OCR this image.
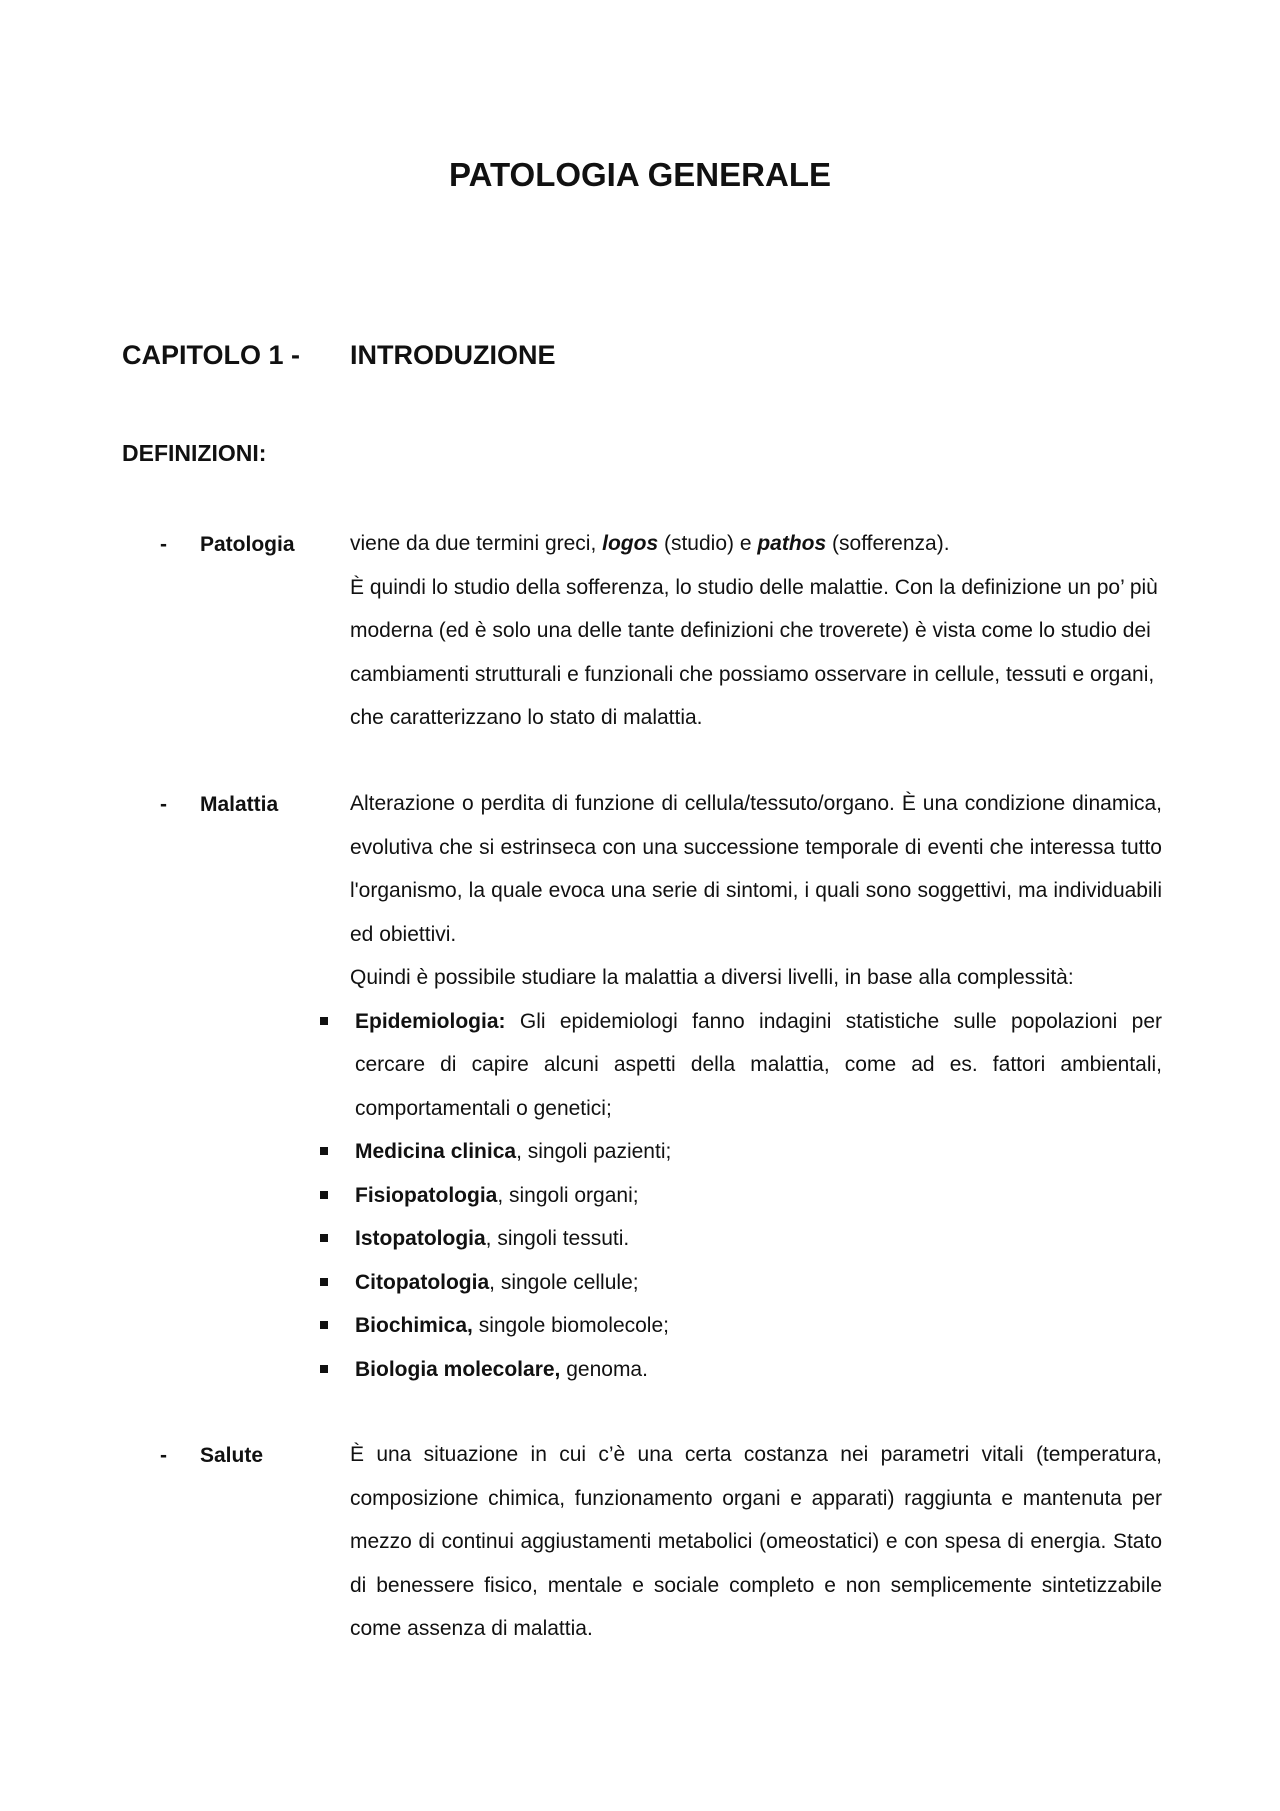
PATOLOGIA GENERALE
CAPITOLO 1 - INTRODUZIONE
DEFINIZIONI:
- Patologia	viene da due termini greci, logos (studio) e pathos (sofferenza).

È quindi lo studio della sofferenza, lo studio delle malattie. Con la definizione un po’ più moderna (ed è solo una delle tante definizioni che troverete) è vista come lo studio dei cambiamenti strutturali e funzionali che possiamo osservare in cellule, tessuti e organi, che caratterizzano lo stato di malattia.

- Malattia	Alterazione o perdita di funzione di cellula/tessuto/organo. È una condizione dinamica, evolutiva che si estrinseca con una successione temporale di eventi che interessa tutto l'organismo, la quale evoca una serie di sintomi, i quali sono soggettivi, ma individuabili ed obiettivi.

Quindi è possibile studiare la malattia a diversi livelli, in base alla complessità:

Epidemiologia: Gli epidemiologi fanno indagini statistiche sulle popolazioni per cercare di capire alcuni aspetti della malattia, come ad es. fattori ambientali, comportamentali o genetici;
Medicina clinica, singoli pazienti;
Fisiopatologia, singoli organi;
Istopatologia, singoli tessuti.
Citopatologia, singole cellule;
Biochimica, singole biomolecole;
Biologia molecolare, genoma.
- Salute	È una situazione in cui c’è una certa costanza nei parametri vitali (temperatura, composizione chimica, funzionamento organi e apparati) raggiunta e mantenuta per mezzo di continui aggiustamenti metabolici (omeostatici) e con spesa di energia. Stato di benessere fisico, mentale e sociale completo e non semplicemente sintetizzabile come assenza di malattia.
